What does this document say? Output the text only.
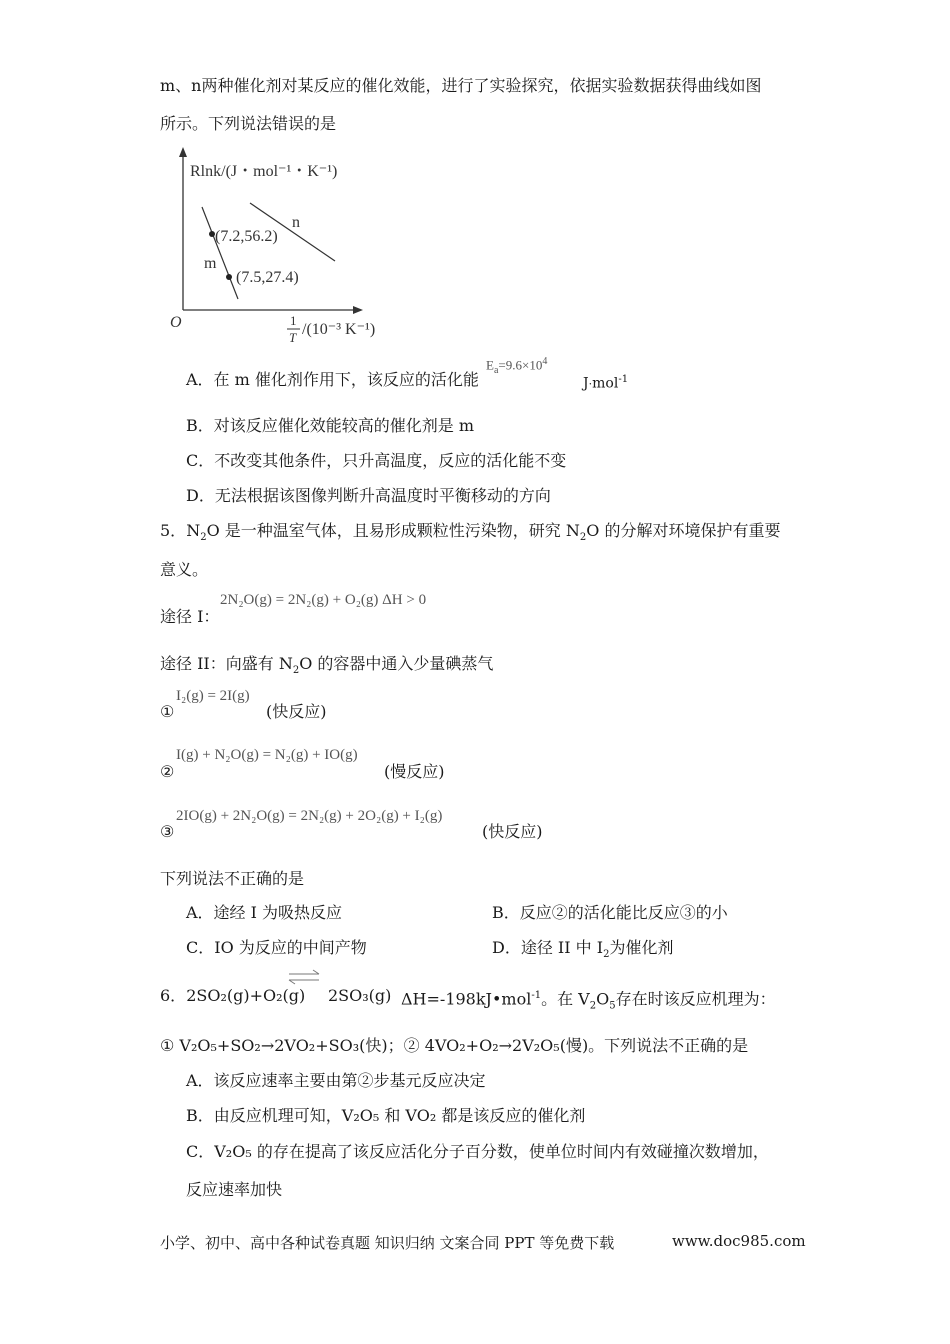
m、n两种催化剂对某反应的催化效能，进行了实验探究，依据实验数据获得曲线如图
所示。下列说法错误的是
Rlnk/(J・mol⁻¹・K⁻¹)
n
m
(7.2,56.2)
(7.5,27.4)
O	1
T /(10⁻³ K⁻¹)
A．在 m 催化剂作用下，该反应的活化能
$E_a=9.6\times 10^4$
J·mol$^{-1}$
B．对该反应催化效能较高的催化剂是 m
C．不改变其他条件，只升高温度，反应的活化能不变
D．无法根据该图像判断升高温度时平衡移动的方向
5．$N_2O$ 是一种温室气体，且易形成颗粒性污染物，研究 $N_2O$ 的分解对环境保护有重要
意义。
途径 I：
2N₂O(g) = 2N₂(g) + O₂(g) ΔH > 0
途径 II：向盛有 $N_2O$ 的容器中通入少量碘蒸气
①
I₂(g) = 2I(g)
(快反应)
②
I(g) + N₂O(g) = N₂(g) + IO(g)
(慢反应)
③
2IO(g) + 2N₂O(g) = 2N₂(g) + 2O₂(g) + I₂(g)
(快反应)
下列说法不正确的是
A．途经 I 为吸热反应	B．反应②的活化能比反应③的小
C．IO 为反应的中间产物	D．途径 II 中 $I_2$为催化剂
6．2SO₂(g)+O₂(g) 2SO₃(g) ΔH=-198kJ•mol$^{-1}$。在 $V_2O_5$存在时该反应机理为：
① V₂O₅+SO₂→2VO₂+SO₃(快)；② 4VO₂+O₂→2V₂O₅(慢)。下列说法不正确的是
A．该反应速率主要由第②步基元反应决定
B．由反应机理可知，V₂O₅ 和 VO₂ 都是该反应的催化剂
C．V₂O₅ 的存在提高了该反应活化分子百分数，使单位时间内有效碰撞次数增加，
反应速率加快
小学、初中、高中各种试卷真题 知识归纳 文案合同 PPT 等免费下载	www.doc985.com
